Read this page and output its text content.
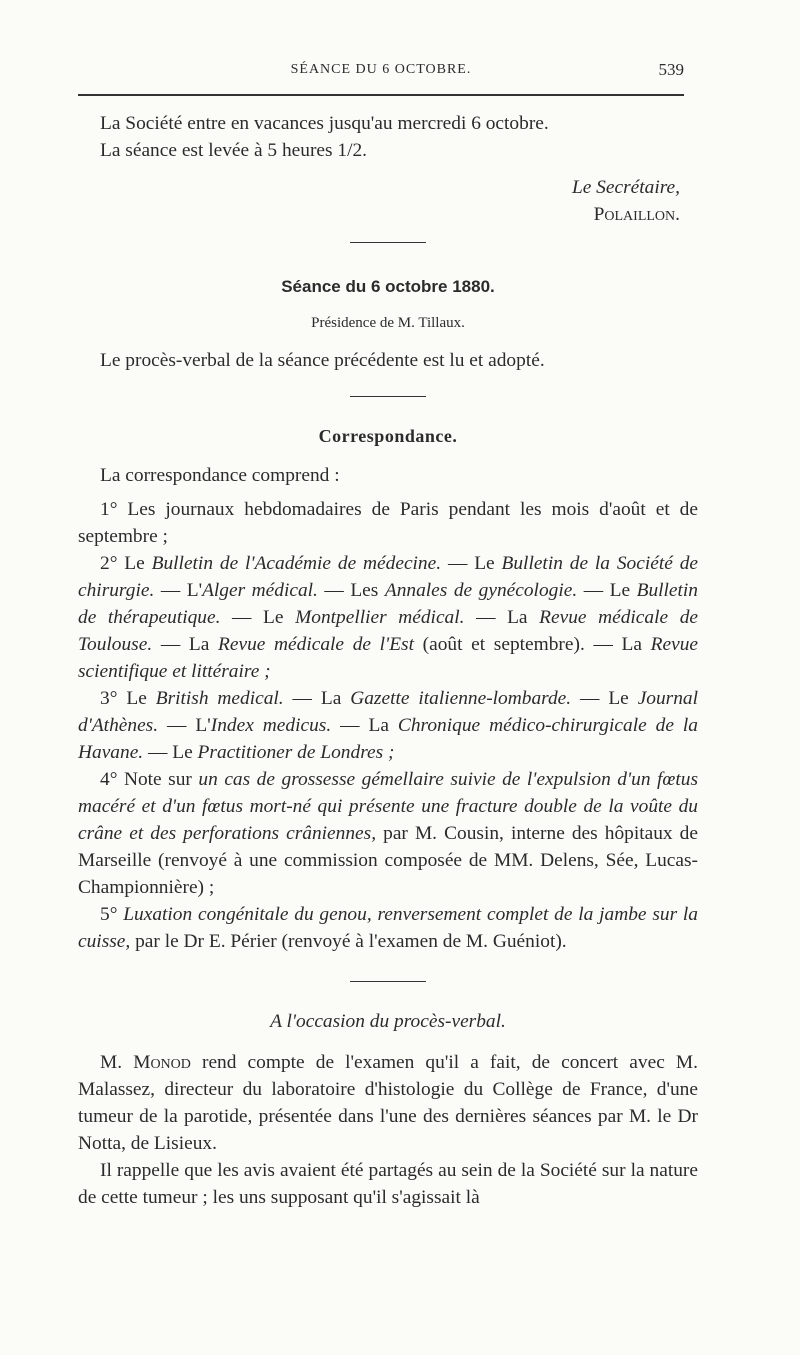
SÉANCE DU 6 OCTOBRE.	539

La Société entre en vacances jusqu'au mercredi 6 octobre.

La séance est levée à 5 heures 1/2.

Le Secrétaire,

Polaillon.

Séance du 6 octobre 1880.

Présidence de M. Tillaux.

Le procès-verbal de la séance précédente est lu et adopté.

Correspondance.

La correspondance comprend :

1° Les journaux hebdomadaires de Paris pendant les mois d'août et de septembre ;

2° Le Bulletin de l'Académie de médecine. — Le Bulletin de la Société de chirurgie. — L'Alger médical. — Les Annales de gynécologie. — Le Bulletin de thérapeutique. — Le Montpellier médical. — La Revue médicale de Toulouse. — La Revue médicale de l'Est (août et septembre). — La Revue scientifique et littéraire ;

3° Le British medical. — La Gazette italienne-lombarde. — Le Journal d'Athènes. — L'Index medicus. — La Chronique médico-chirurgicale de la Havane. — Le Practitioner de Londres ;

4° Note sur un cas de grossesse gémellaire suivie de l'expulsion d'un fœtus macéré et d'un fœtus mort-né qui présente une fracture double de la voûte du crâne et des perforations crâniennes, par M. Cousin, interne des hôpitaux de Marseille (renvoyé à une commission composée de MM. Delens, Sée, Lucas-Championnière) ;

5° Luxation congénitale du genou, renversement complet de la jambe sur la cuisse, par le Dr E. Périer (renvoyé à l'examen de M. Guéniot).

A l'occasion du procès-verbal.

M. Monod rend compte de l'examen qu'il a fait, de concert avec M. Malassez, directeur du laboratoire d'histologie du Collège de France, d'une tumeur de la parotide, présentée dans l'une des dernières séances par M. le Dr Notta, de Lisieux.

Il rappelle que les avis avaient été partagés au sein de la Société sur la nature de cette tumeur ; les uns supposant qu'il s'agissait là
